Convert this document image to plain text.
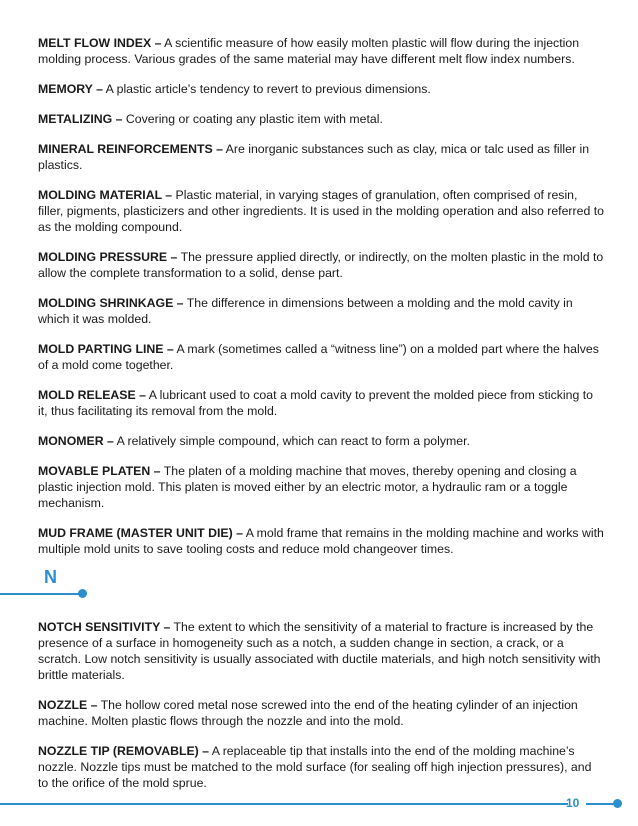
MELT FLOW INDEX – A scientific measure of how easily molten plastic will flow during the injection molding process. Various grades of the same material may have different melt flow index numbers.

MEMORY – A plastic article’s tendency to revert to previous dimensions.

METALIZING – Covering or coating any plastic item with metal.

MINERAL REINFORCEMENTS – Are inorganic substances such as clay, mica or talc used as filler in plastics.

MOLDING MATERIAL – Plastic material, in varying stages of granulation, often comprised of resin, filler, pigments, plasticizers and other ingredients. It is used in the molding operation and also referred to as the molding compound.

MOLDING PRESSURE – The pressure applied directly, or indirectly, on the molten plastic in the mold to allow the complete transformation to a solid, dense part.

MOLDING SHRINKAGE – The difference in dimensions between a molding and the mold cavity in which it was molded.

MOLD PARTING LINE – A mark (sometimes called a “witness line”) on a molded part where the halves of a mold come together.

MOLD RELEASE – A lubricant used to coat a mold cavity to prevent the molded piece from sticking to it, thus facilitating its removal from the mold.

MONOMER – A relatively simple compound, which can react to form a polymer.

MOVABLE PLATEN – The platen of a molding machine that moves, thereby opening and closing a plastic injection mold. This platen is moved either by an electric motor, a hydraulic ram or a toggle mechanism.

MUD FRAME (MASTER UNIT DIE) – A mold frame that remains in the molding machine and works with multiple mold units to save tooling costs and reduce mold changeover times.

N

NOTCH SENSITIVITY – The extent to which the sensitivity of a material to fracture is increased by the presence of a surface in homogeneity such as a notch, a sudden change in section, a crack, or a scratch. Low notch sensitivity is usually associated with ductile materials, and high notch sensitivity with brittle materials.

NOZZLE – The hollow cored metal nose screwed into the end of the heating cylinder of an injection machine. Molten plastic flows through the nozzle and into the mold.

NOZZLE TIP (REMOVABLE) – A replaceable tip that installs into the end of the molding machine’s nozzle. Nozzle tips must be matched to the mold surface (for sealing off high injection pressures), and to the orifice of the mold sprue.

10
